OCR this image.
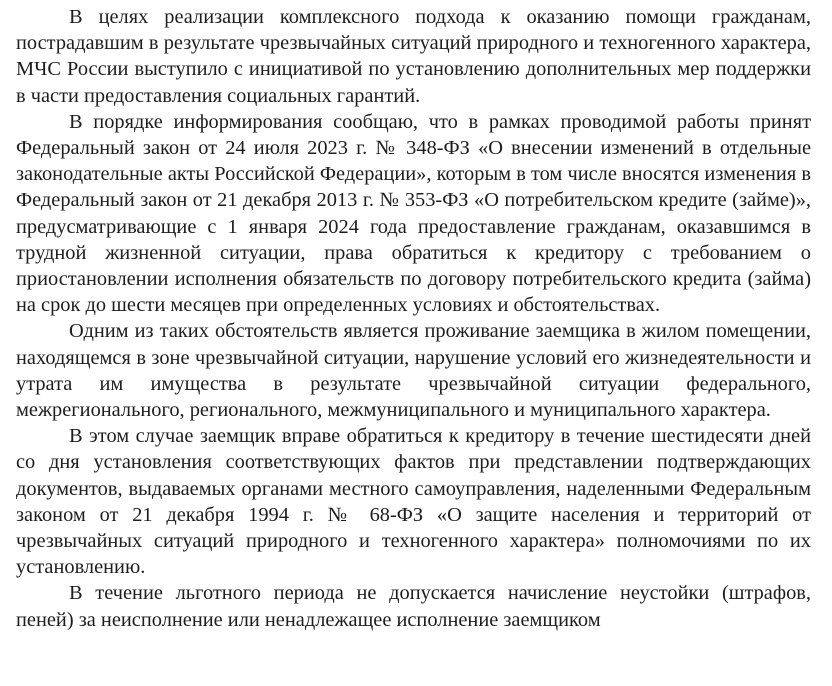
В целях реализации комплексного подхода к оказанию помощи гражданам, пострадавшим в результате чрезвычайных ситуаций природного и техногенного характера, МЧС России выступило с инициативой по установлению дополнительных мер поддержки в части предоставления социальных гарантий.

В порядке информирования сообщаю, что в рамках проводимой работы принят Федеральный закон от 24 июля 2023 г. № 348-ФЗ «О внесении изменений в отдельные законодательные акты Российской Федерации», которым в том числе вносятся изменения в Федеральный закон от 21 декабря 2013 г. № 353-ФЗ «О потребительском кредите (займе)», предусматривающие с 1 января 2024 года предоставление гражданам, оказавшимся в трудной жизненной ситуации, права обратиться к кредитору с требованием о приостановлении исполнения обязательств по договору потребительского кредита (займа) на срок до шести месяцев при определенных условиях и обстоятельствах.

Одним из таких обстоятельств является проживание заемщика в жилом помещении, находящемся в зоне чрезвычайной ситуации, нарушение условий его жизнедеятельности и утрата им имущества в результате чрезвычайной ситуации федерального, межрегионального, регионального, межмуниципального и муниципального характера.

В этом случае заемщик вправе обратиться к кредитору в течение шестидесяти дней со дня установления соответствующих фактов при представлении подтверждающих документов, выдаваемых органами местного самоуправления, наделенными Федеральным законом от 21 декабря 1994 г. № 68-ФЗ «О защите населения и территорий от чрезвычайных ситуаций природного и техногенного характера» полномочиями по их установлению.

В течение льготного периода не допускается начисление неустойки (штрафов, пеней) за неисполнение или ненадлежащее исполнение заемщиком
